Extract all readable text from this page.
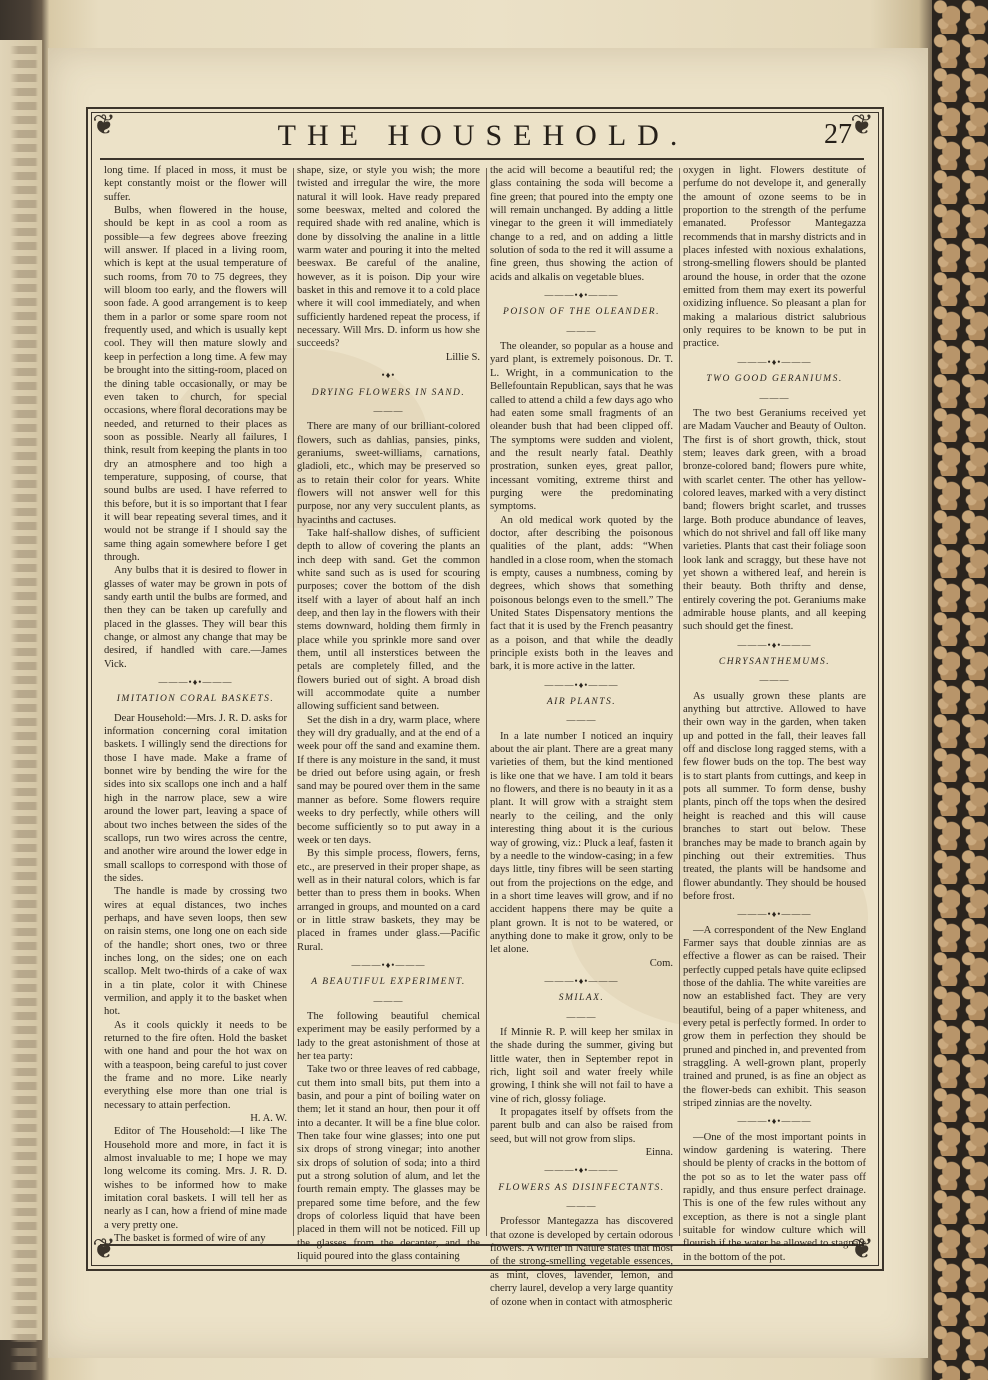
❦	❦
❦	❦
THE HOUSEHOLD.	27

long time. If placed in moss, it must be kept constantly moist or the flower will suffer.

Bulbs, when flowered in the house, should be kept in as cool a room as possible—a few degrees above freezing will answer. If placed in a living room, which is kept at the usual temperature of such rooms, from 70 to 75 degrees, they will bloom too early, and the flowers will soon fade. A good arrangement is to keep them in a parlor or some spare room not frequently used, and which is usually kept cool. They will then mature slowly and keep in perfection a long time. A few may be brought into the sitting-room, placed on the dining table occasionally, or may be even taken to church, for special occasions, where floral decorations may be needed, and returned to their places as soon as possible. Nearly all failures, I think, result from keeping the plants in too dry an atmosphere and too high a temperature, supposing, of course, that sound bulbs are used. I have referred to this before, but it is so important that I fear it will bear repeating several times, and it would not be strange if I should say the same thing again somewhere before I get through.

Any bulbs that it is desired to flower in glasses of water may be grown in pots of sandy earth until the bulbs are formed, and then they can be taken up carefully and placed in the glasses. They will bear this change, or almost any change that may be desired, if handled with care.—James Vick.

———•♦•———
IMITATION CORAL BASKETS.

Dear Household:—Mrs. J. R. D. asks for information concerning coral imitation baskets. I willingly send the directions for those I have made. Make a frame of bonnet wire by bending the wire for the sides into six scallops one inch and a half high in the narrow place, sew a wire around the lower part, leaving a space of about two inches between the sides of the scallops, run two wires across the centre, and another wire around the lower edge in small scallops to correspond with those of the sides.

The handle is made by crossing two wires at equal distances, two inches perhaps, and have seven loops, then sew on raisin stems, one long one on each side of the handle; short ones, two or three inches long, on the sides; one on each scallop. Melt two-thirds of a cake of wax in a tin plate, color it with Chinese vermilion, and apply it to the basket when hot.

As it cools quickly it needs to be returned to the fire often. Hold the basket with one hand and pour the hot wax on with a teaspoon, being careful to just cover the frame and no more. Like nearly everything else more than one trial is necessary to attain perfection.

H. A. W.

Editor of The Household:—I like The Household more and more, in fact it is almost invaluable to me; I hope we may long welcome its coming. Mrs. J. R. D. wishes to be informed how to make imitation coral baskets. I will tell her as nearly as I can, how a friend of mine made a very pretty one.

The basket is formed of wire of any

shape, size, or style you wish; the more twisted and irregular the wire, the more natural it will look. Have ready prepared some beeswax, melted and colored the required shade with red analine, which is done by dissolving the analine in a little warm water and pouring it into the melted beeswax. Be careful of the analine, however, as it is poison. Dip your wire basket in this and remove it to a cold place where it will cool immediately, and when sufficiently hardened repeat the process, if necessary. Will Mrs. D. inform us how she succeeds?

Lillie S.

•♦•
DRYING FLOWERS IN SAND.
———

There are many of our brilliant-colored flowers, such as dahlias, pansies, pinks, geraniums, sweet-williams, carnations, gladioli, etc., which may be preserved so as to retain their color for years. White flowers will not answer well for this purpose, nor any very succulent plants, as hyacinths and cactuses.

Take half-shallow dishes, of sufficient depth to allow of covering the plants an inch deep with sand. Get the common white sand such as is used for scouring purposes; cover the bottom of the dish itself with a layer of about half an inch deep, and then lay in the flowers with their stems downward, holding them firmly in place while you sprinkle more sand over them, until all insterstices between the petals are completely filled, and the flowers buried out of sight. A broad dish will accommodate quite a number allowing sufficient sand between.

Set the dish in a dry, warm place, where they will dry gradually, and at the end of a week pour off the sand and examine them. If there is any moisture in the sand, it must be dried out before using again, or fresh sand may be poured over them in the same manner as before. Some flowers require weeks to dry perfectly, while others will become sufficiently so to put away in a week or ten days.

By this simple process, flowers, ferns, etc., are preserved in their proper shape, as well as in their natural colors, which is far better than to press them in books. When arranged in groups, and mounted on a card or in little straw baskets, they may be placed in frames under glass.—Pacific Rural.

———•♦•———
A BEAUTIFUL EXPERIMENT.
———

The following beautiful chemical experiment may be easily performed by a lady to the great astonishment of those at her tea party:

Take two or three leaves of red cabbage, cut them into small bits, put them into a basin, and pour a pint of boiling water on them; let it stand an hour, then pour it off into a decanter. It will be a fine blue color. Then take four wine glasses; into one put six drops of strong vinegar; into another six drops of solution of soda; into a third put a strong solution of alum, and let the fourth remain empty. The glasses may be prepared some time before, and the few drops of colorless liquid that have been placed in them will not be noticed. Fill up the glasses from the decanter, and the liquid poured into the glass containing

the acid will become a beautiful red; the glass containing the soda will become a fine green; that poured into the empty one will remain unchanged. By adding a little vinegar to the green it will immediately change to a red, and on adding a little solution of soda to the red it will assume a fine green, thus showing the action of acids and alkalis on vegetable blues.

———•♦•———
POISON OF THE OLEANDER.
———

The oleander, so popular as a house and yard plant, is extremely poisonous. Dr. T. L. Wright, in a communication to the Bellefountain Republican, says that he was called to attend a child a few days ago who had eaten some small fragments of an oleander bush that had been clipped off. The symptoms were sudden and violent, and the result nearly fatal. Deathly prostration, sunken eyes, great pallor, incessant vomiting, extreme thirst and purging were the predominating symptoms.

An old medical work quoted by the doctor, after describing the poisonous qualities of the plant, adds: “When handled in a close room, when the stomach is empty, causes a numbness, coming by degrees, which shows that something poisonous belongs even to the smell.” The United States Dispensatory mentions the fact that it is used by the French peasantry as a poison, and that while the deadly principle exists both in the leaves and bark, it is more active in the latter.

———•♦•———
AIR PLANTS.
———

In a late number I noticed an inquiry about the air plant. There are a great many varieties of them, but the kind mentioned is like one that we have. I am told it bears no flowers, and there is no beauty in it as a plant. It will grow with a straight stem nearly to the ceiling, and the only interesting thing about it is the curious way of growing, viz.: Pluck a leaf, fasten it by a needle to the window-casing; in a few days little, tiny fibres will be seen starting out from the projections on the edge, and in a short time leaves will grow, and if no accident happens there may be quite a plant grown. It is not to be watered, or anything done to make it grow, only to be let alone.

Com.

———•♦•———
SMILAX.
———

If Minnie R. P. will keep her smilax in the shade during the summer, giving but little water, then in September repot in rich, light soil and water freely while growing, I think she will not fail to have a vine of rich, glossy foliage.

It propagates itself by offsets from the parent bulb and can also be raised from seed, but will not grow from slips.

Einna.

———•♦•———
FLOWERS AS DISINFECTANTS.
———

Professor Mantegazza has discovered that ozone is developed by certain odorous flowers. A writer in Nature states that most of the strong-smelling vegetable essences, as mint, cloves, lavender, lemon, and cherry laurel, develop a very large quantity of ozone when in contact with atmospheric

oxygen in light. Flowers destitute of perfume do not develope it, and generally the amount of ozone seems to be in proportion to the strength of the perfume emanated. Professor Mantegazza recommends that in marshy districts and in places infested with noxious exhalations, strong-smelling flowers should be planted around the house, in order that the ozone emitted from them may exert its powerful oxidizing influence. So pleasant a plan for making a malarious district salubrious only requires to be known to be put in practice.

———•♦•———
TWO GOOD GERANIUMS.
———

The two best Geraniums received yet are Madam Vaucher and Beauty of Oulton. The first is of short growth, thick, stout stem; leaves dark green, with a broad bronze-colored band; flowers pure white, with scarlet center. The other has yellow-colored leaves, marked with a very distinct band; flowers bright scarlet, and trusses large. Both produce abundance of leaves, which do not shrivel and fall off like many varieties. Plants that cast their foliage soon look lank and scraggy, but these have not yet shown a withered leaf, and herein is their beauty. Both thrifty and dense, entirely covering the pot. Geraniums make admirable house plants, and all keeping such should get the finest.

———•♦•———
CHRYSANTHEMUMS.
———

As usually grown these plants are anything but attrctive. Allowed to have their own way in the garden, when taken up and potted in the fall, their leaves fall off and disclose long ragged stems, with a few flower buds on the top. The best way is to start plants from cuttings, and keep in pots all summer. To form dense, bushy plants, pinch off the tops when the desired height is reached and this will cause branches to start out below. These branches may be made to branch again by pinching out their extremities. Thus treated, the plants will be handsome and flower abundantly. They should be housed before frost.

———•♦•———

—A correspondent of the New England Farmer says that double zinnias are as effective a flower as can be raised. Their perfectly cupped petals have quite eclipsed those of the dahlia. The white vareities are now an established fact. They are very beautiful, being of a paper whiteness, and every petal is perfectly formed. In order to grow them in perfection they should be pruned and pinched in, and prevented from straggling. A well-grown plant, properly trained and pruned, is as fine an object as the flower-beds can exhibit. This season striped zinnias are the novelty.

———•♦•———

—One of the most important points in window gardening is watering. There should be plenty of cracks in the bottom of the pot so as to let the water pass off rapidly, and thus ensure perfect drainage. This is one of the few rules without any exception, as there is not a single plant suitable for window culture which will flourish if the water be allowed to stagnate in the bottom of the pot.
